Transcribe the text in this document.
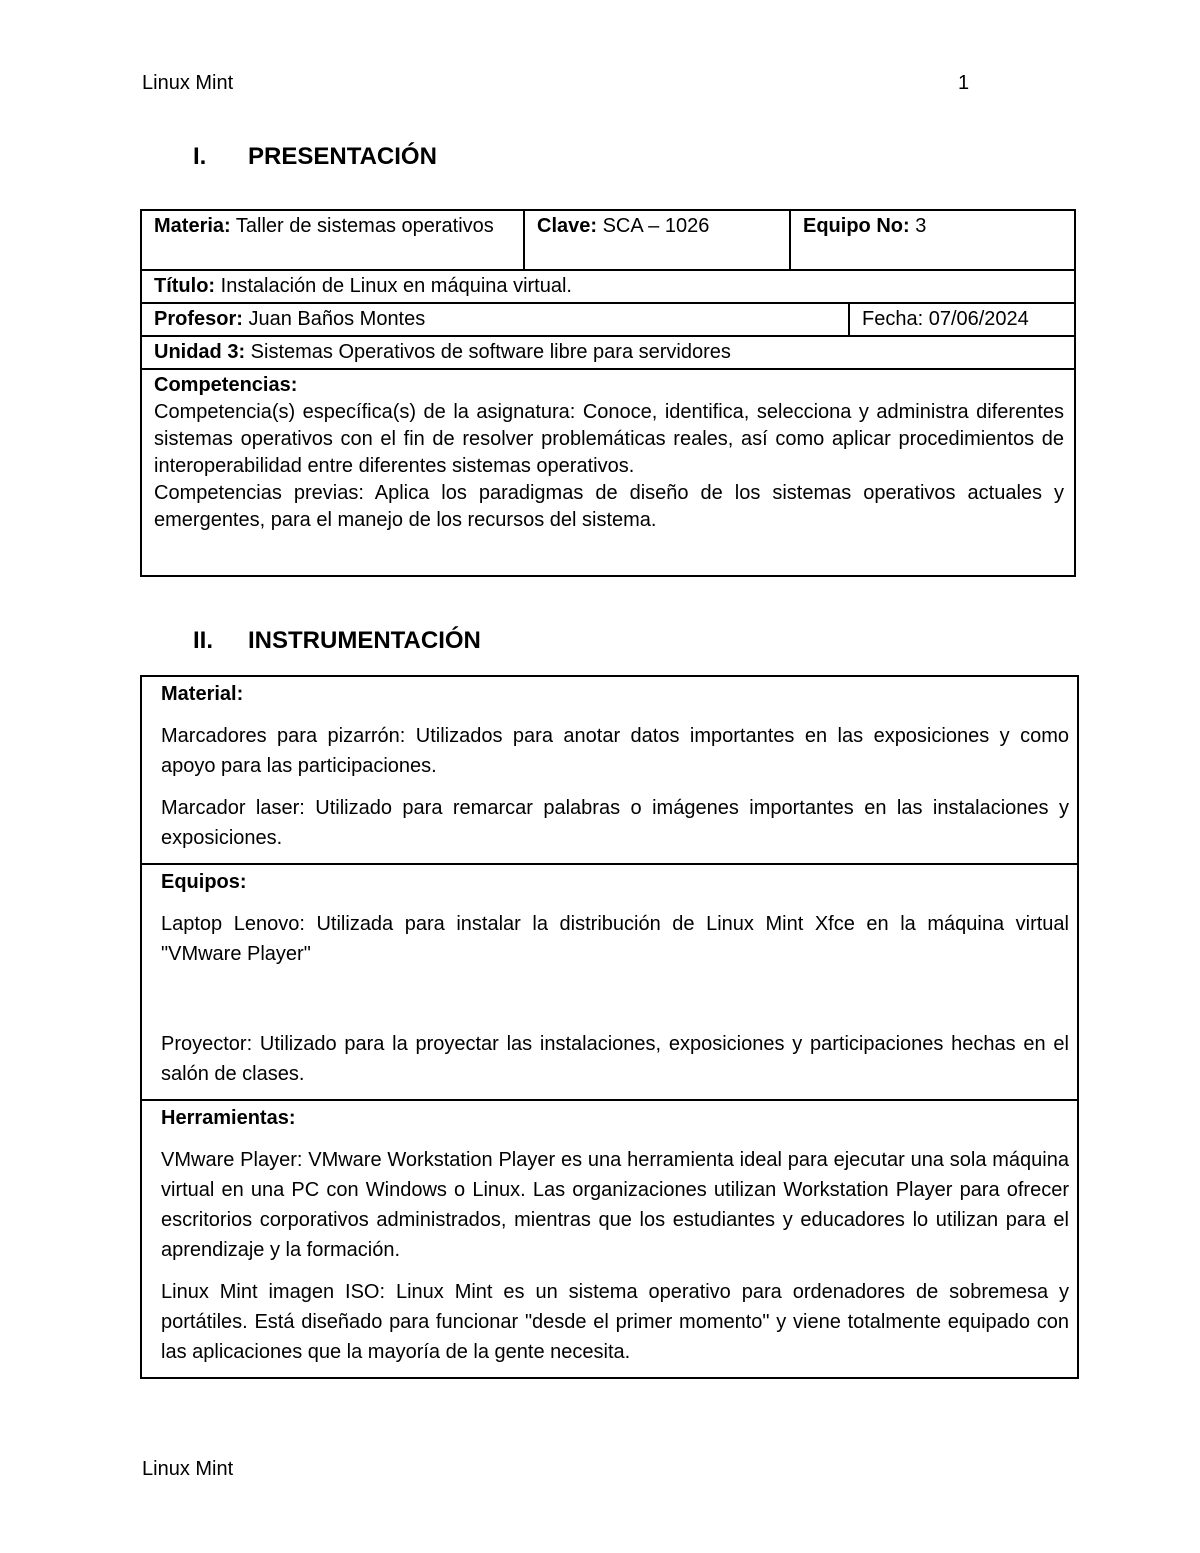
Linux Mint	1
I. PRESENTACIÓN
Materia: Taller de sistemas operativos	Clave: SCA – 1026	Equipo No: 3	
Título: Instalación de Linux en máquina virtual.			
Profesor: Juan Baños Montes			Fecha: 07/06/2024
Unidad 3: Sistemas Operativos de software libre para servidores			

Competencias:
Competencia(s) específica(s) de la asignatura: Conoce, identifica, selecciona y administra diferentes sistemas operativos con el fin de resolver problemáticas reales, así como aplicar procedimientos de interoperabilidad entre diferentes sistemas operativos.
Competencias previas: Aplica los paradigmas de diseño de los sistemas operativos actuales y emergentes, para el manejo de los recursos del sistema.			
II. INSTRUMENTACIÓN

Material:

Marcadores para pizarrón: Utilizados para anotar datos importantes en las exposiciones y como apoyo para las participaciones.

Marcador laser: Utilizado para remarcar palabras o imágenes importantes en las instalaciones y exposiciones.

Equipos:

Laptop Lenovo: Utilizada para instalar la distribución de Linux Mint Xfce en la máquina virtual "VMware Player"

Proyector: Utilizado para la proyectar las instalaciones, exposiciones y participaciones hechas en el salón de clases.

Herramientas:

VMware Player: VMware Workstation Player es una herramienta ideal para ejecutar una sola máquina virtual en una PC con Windows o Linux. Las organizaciones utilizan Workstation Player para ofrecer escritorios corporativos administrados, mientras que los estudiantes y educadores lo utilizan para el aprendizaje y la formación.

Linux Mint imagen ISO: Linux Mint es un sistema operativo para ordenadores de sobremesa y portátiles. Está diseñado para funcionar "desde el primer momento" y viene totalmente equipado con las aplicaciones que la mayoría de la gente necesita.

Linux Mint
